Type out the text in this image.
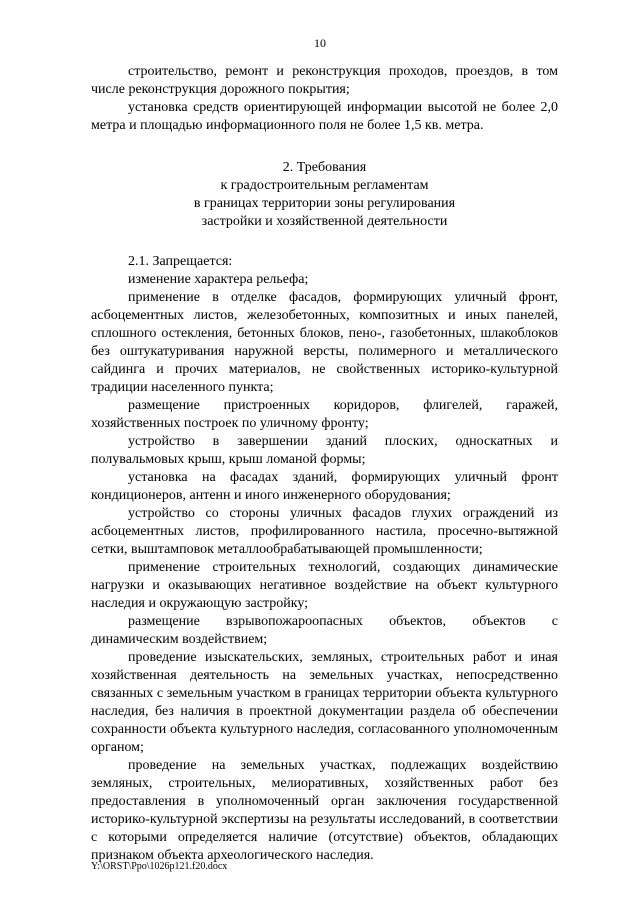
10

строительство, ремонт и реконструкция проходов, проездов, в том числе реконструкция дорожного покрытия;

установка средств ориентирующей информации высотой не более 2,0 метра и площадью информационного поля не более 1,5 кв. метра.

2. Требования
к градостроительным регламентам
в границах территории зоны регулирования
застройки и хозяйственной деятельности

2.1. Запрещается:

изменение характера рельефа;

применение в отделке фасадов, формирующих уличный фронт, асбоцементных листов, железобетонных, композитных и иных панелей, сплошного остекления, бетонных блоков, пено-, газобетонных, шлакоблоков без оштукатуривания наружной версты, полимерного и металлического сайдинга и прочих материалов, не свойственных историко-культурной традиции населенного пункта;

размещение пристроенных коридоров, флигелей, гаражей, хозяйственных построек по уличному фронту;

устройство в завершении зданий плоских, односкатных и полувальмовых крыш, крыш ломаной формы;

установка на фасадах зданий, формирующих уличный фронт кондиционеров, антенн и иного инженерного оборудования;

устройство со стороны уличных фасадов глухих ограждений из асбоцементных листов, профилированного настила, просечно-вытяжной сетки, выштамповок металлообрабатывающей промышленности;

применение строительных технологий, создающих динамические нагрузки и оказывающих негативное воздействие на объект культурного наследия и окружающую застройку;

размещение взрывопожароопасных объектов, объектов с динамическим воздействием;

проведение изыскательских, земляных, строительных работ и иная хозяйственная деятельность на земельных участках, непосредственно связанных с земельным участком в границах территории объекта культурного наследия, без наличия в проектной документации раздела об обеспечении сохранности объекта культурного наследия, согласованного уполномоченным органом;

проведение на земельных участках, подлежащих воздействию земляных, строительных, мелиоративных, хозяйственных работ без предоставления в уполномоченный орган заключения государственной историко-культурной экспертизы на результаты исследований, в соответствии с которыми определяется наличие (отсутствие) объектов, обладающих признаком объекта археологического наследия.

Y:\ORST\Ppo\1026p121.f20.docx
